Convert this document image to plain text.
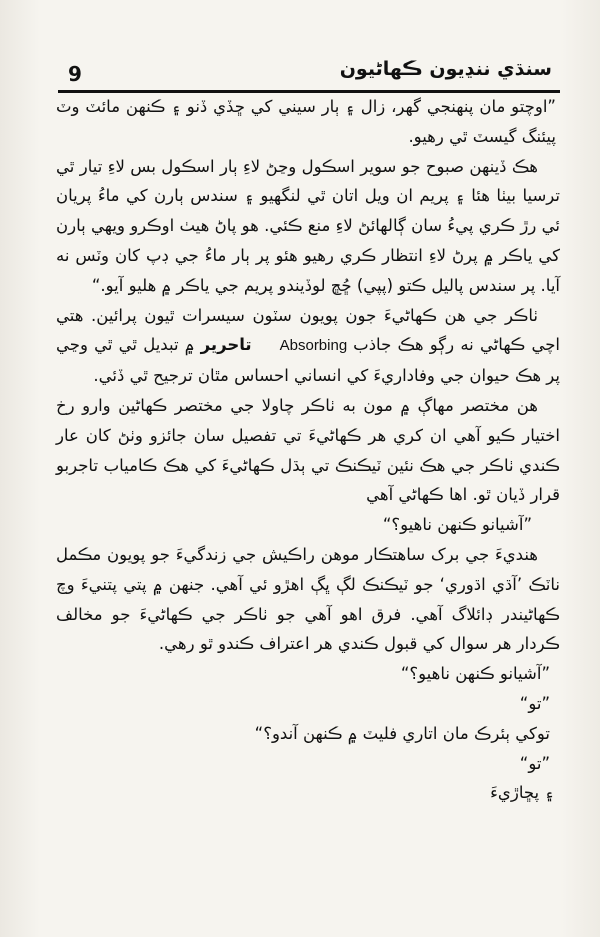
9	سنڌي ننڍيون ڪهاڻيون

”اوچتو مان پنهنجي گهر، زال ۽ ٻار سيني کي ڇڏي ڏنو ۽ ڪنهن مائٽ وٽ پيئنگ گيسٽ ٿي رهيو.

هڪ ڏينهن صبوح جو سوير اسڪول وڃڻ لاءِ ٻار اسڪول بس لاءِ تيار ٿي ترسيا بيٺا هئا ۽ پريم ان ويل اتان ٿي لنگهيو ۽ سندس ٻارن کي ماءُ پريان ئي رڙ ڪري پيءُ سان ڳالهائڻ لاءِ منع ڪئي. هو پاڻ هيٺ اوڪرو ويهي ٻارن کي ياڪر ۾ پرڻ لاءِ انتظار ڪري رهيو هئو پر ٻار ماءُ جي ڊپ کان وٽس نه آيا. پر سندس پاليل ڪتو (پپي) ڇُڇ لوڏيندو پريم جي ياڪر ۾ هليو آيو.“

ٺاڪر جي هن ڪهاڻيءَ جون پويون سٽون سيسرات ٿيون پرائين. هتي اچي ڪهاڻي نه رڳو هڪ جاذبAbsorbingتاحرير ۾ تبديل ٿي ٿي وڃي پر هڪ حيوان جي وفاداريءَ کي انساني احساس مٿان ترجيح ٿي ڏئي.

هن مختصر مهاڳ ۾ مون به ٺاڪر چاولا جي مختصر ڪهاڻين وارو رخ اختيار ڪيو آهي ان کري هر ڪهاڻيءَ تي تفصيل سان جائزو وٺڻ کان عار ڪندي ٺاڪر جي هڪ نئين ٽيڪنڪ تي ٻڌل ڪهاڻيءَ کي هڪ ڪامياب تاجربو قرار ڏيان ٿو. اها ڪهاڻي آهي

”آشيانو ڪنهن ناهيو؟“

هنديءَ جي برک ساهتڪار موهن راڪيش جي زندگيءَ جو پويون مڪمل ناٽڪ ’آڌي اڌوري‘ جو ٽيڪنڪ لڳ ڀڳ اهڙو ئي آهي. جنهن ۾ پتي پتنيءَ وچ ڪهاڻيندر ڊائلاگ آهي. فرق اهو آهي جو ٺاڪر جي ڪهاڻيءَ جو مخالف ڪردار هر سوال کي قبول ڪندي هر اعتراف ڪندو ٿو رهي.

”آشيانو ڪنهن ناهيو؟“

”تو“

توکي ٻئرڪ مان اتاري فليٽ ۾ ڪنهن آندو؟“

”تو“

۽ پڇاڙيءَ
